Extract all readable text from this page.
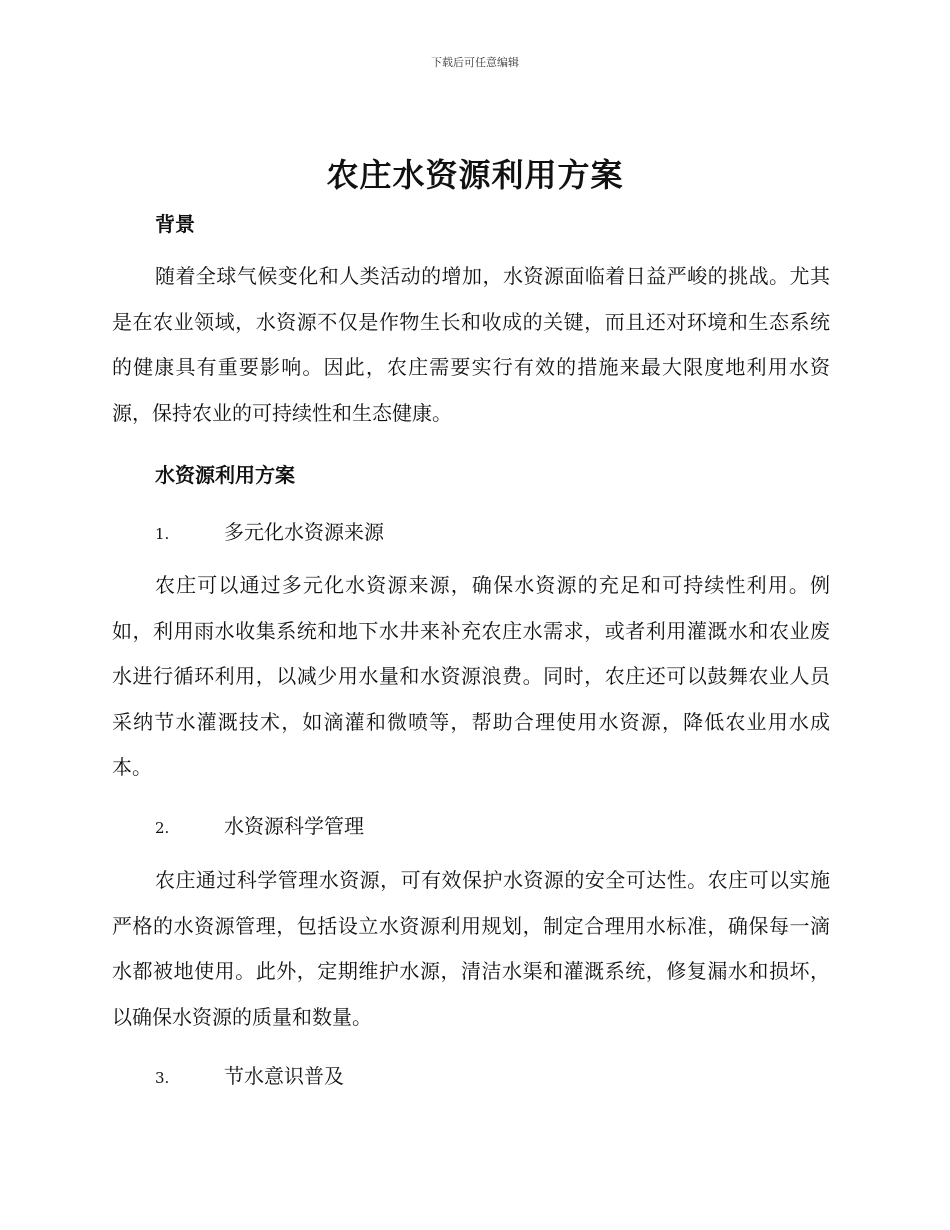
下载后可任意编辑
农庄水资源利用方案
背景

随着全球气候变化和人类活动的增加，水资源面临着日益严峻的挑战。尤其是在农业领域，水资源不仅是作物生长和收成的关键，而且还对环境和生态系统的健康具有重要影响。因此，农庄需要实行有效的措施来最大限度地利用水资源，保持农业的可持续性和生态健康。

水资源利用方案
1.	多元化水资源来源

农庄可以通过多元化水资源来源，确保水资源的充足和可持续性利用。例如，利用雨水收集系统和地下水井来补充农庄水需求，或者利用灌溉水和农业废水进行循环利用，以减少用水量和水资源浪费。同时，农庄还可以鼓舞农业人员采纳节水灌溉技术，如滴灌和微喷等，帮助合理使用水资源，降低农业用水成本。

2.	水资源科学管理

农庄通过科学管理水资源，可有效保护水资源的安全可达性。农庄可以实施严格的水资源管理，包括设立水资源利用规划，制定合理用水标准，确保每一滴水都被地使用。此外，定期维护水源，清洁水渠和灌溉系统，修复漏水和损坏，以确保水资源的质量和数量。

3.	节水意识普及
